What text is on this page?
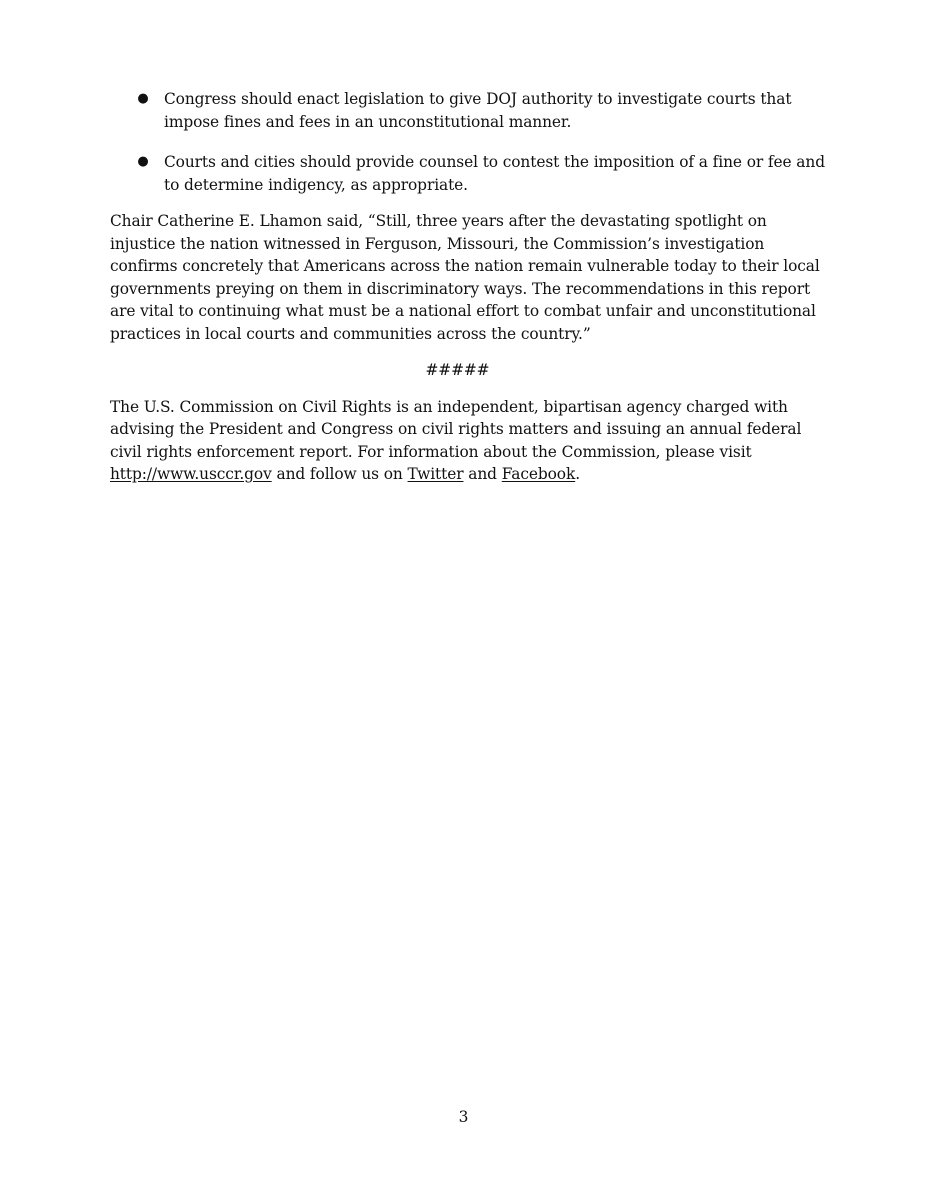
● Congress should enact legislation to give DOJ authority to investigate courts that impose fines and fees in an unconstitutional manner.
● Courts and cities should provide counsel to contest the imposition of a fine or fee and to determine indigency, as appropriate.

Chair Catherine E. Lhamon said, “Still, three years after the devastating spotlight on injustice the nation witnessed in Ferguson, Missouri, the Commission’s investigation confirms concretely that Americans across the nation remain vulnerable today to their local governments preying on them in discriminatory ways. The recommendations in this report are vital to continuing what must be a national effort to combat unfair and unconstitutional practices in local courts and communities across the country.”

#####

The U.S. Commission on Civil Rights is an independent, bipartisan agency charged with advising the President and Congress on civil rights matters and issuing an annual federal civil rights enforcement report. For information about the Commission, please visit http://www.usccr.gov and follow us on Twitter and Facebook.

3
